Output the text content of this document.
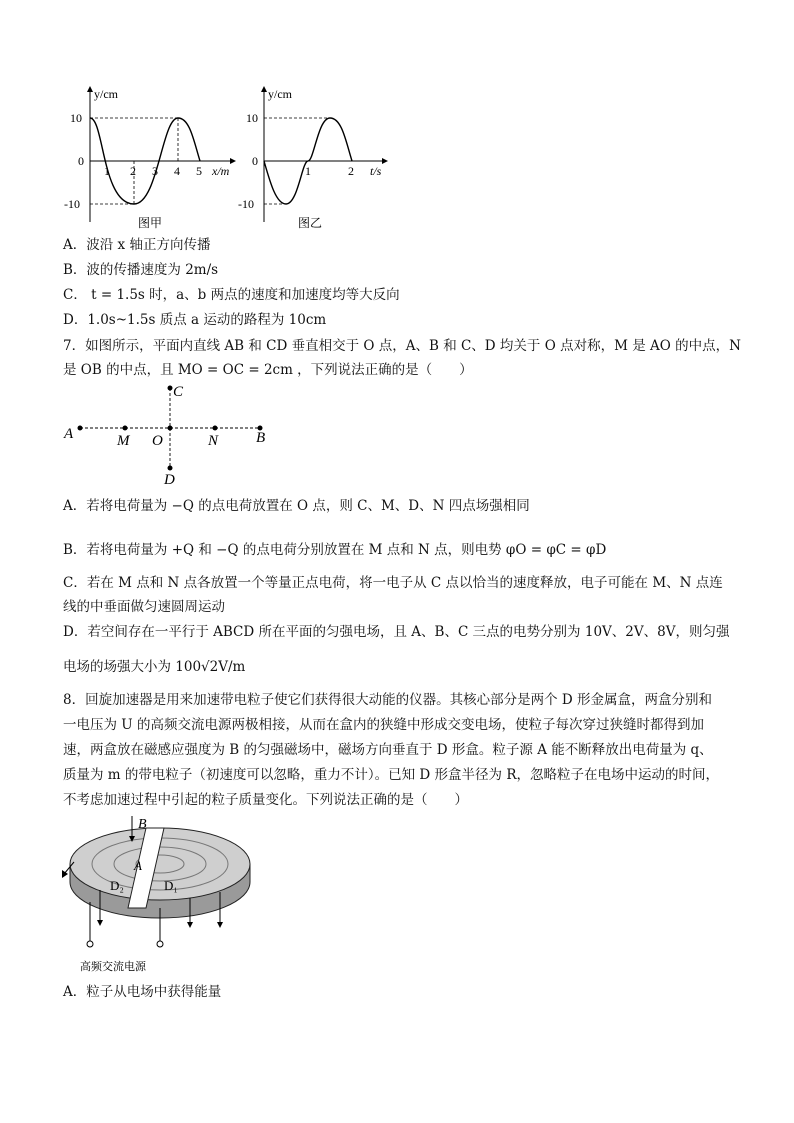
y/cm
10
0
-10
1 2 3 4 5 x/m
图甲
y/cm
10
0
-10
1	2 t/s
图乙
A．波沿 x 轴正方向传播
B．波的传播速度为 2m/s
C． t = 1.5s 时，a、b 两点的速度和加速度均等大反向
D．1.0s~1.5s 质点 a 运动的路程为 10cm
7．如图所示，平面内直线 AB 和 CD 垂直相交于 O 点，A、B 和 C、D 均关于 O 点对称，M 是 AO 的中点，N
是 OB 的中点，且 MO = OC = 2cm ，下列说法正确的是（　　）
A	M O	N	B
C
D
A．若将电荷量为 −Q 的点电荷放置在 O 点，则 C、M、D、N 四点场强相同
B．若将电荷量为 +Q 和 −Q 的点电荷分别放置在 M 点和 N 点，则电势 φO = φC = φD
C．若在 M 点和 N 点各放置一个等量正点电荷，将一电子从 C 点以恰当的速度释放，电子可能在 M、N 点连
线的中垂面做匀速圆周运动
D．若空间存在一平行于 ABCD 所在平面的匀强电场，且 A、B、C 三点的电势分别为 10V、2V、8V，则匀强
电场的场强大小为 100√2V/m
8．回旋加速器是用来加速带电粒子使它们获得很大动能的仪器。其核心部分是两个 D 形金属盒，两盒分别和
一电压为 U 的高频交流电源两极相接，从而在盒内的狭缝中形成交变电场，使粒子每次穿过狭缝时都得到加
速，两盒放在磁感应强度为 B 的匀强磁场中，磁场方向垂直于 D 形盒。粒子源 A 能不断释放出电荷量为 q、
质量为 m 的带电粒子（初速度可以忽略，重力不计）。已知 D 形盒半径为 R，忽略粒子在电场中运动的时间，
不考虑加速过程中引起的粒子质量变化。下列说法正确的是（　　）
B
A
D₂	D₁
高频交流电源
A．粒子从电场中获得能量
